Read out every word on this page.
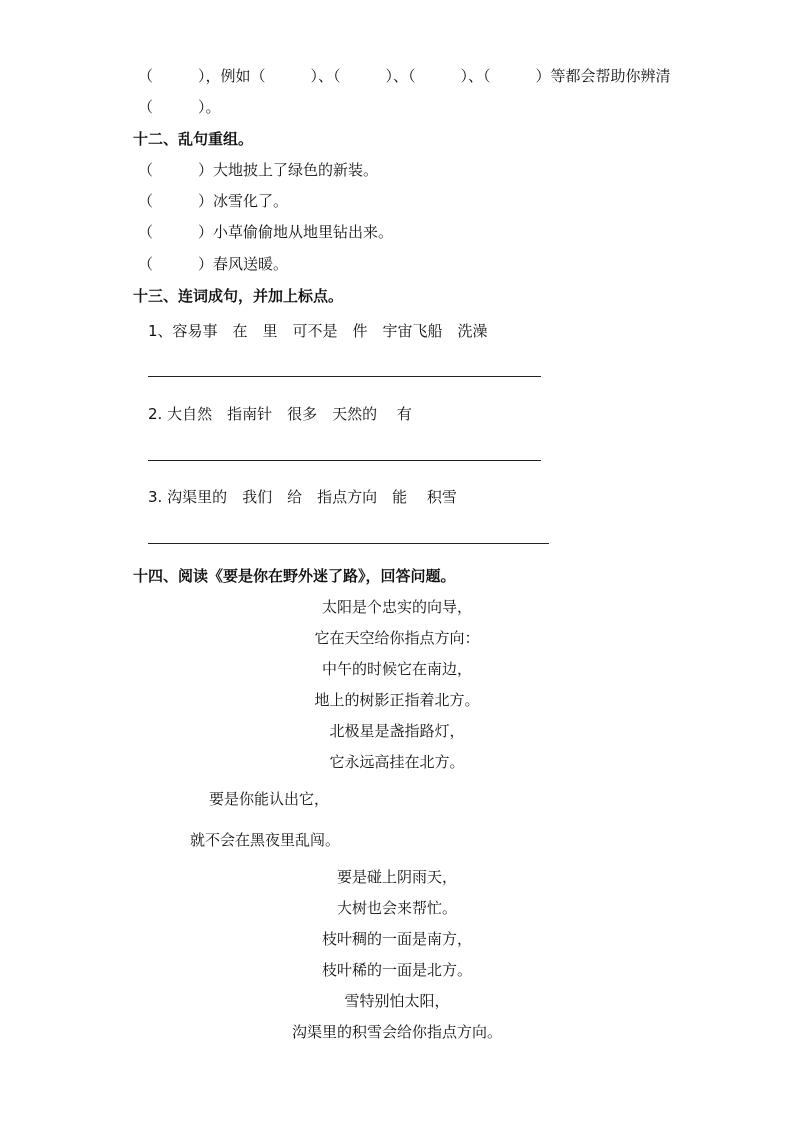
（　　　），例如（　　　）、（　　　）、（　　　）、（　　　）等都会帮助你辨清
（　　　）。
十二、乱句重组。
（　　　）大地披上了绿色的新装。
（　　　）冰雪化了。
（　　　）小草偷偷地从地里钻出来。
（　　　）春风送暖。
十三、连词成句，并加上标点。
1、容易事　在　里　可不是　件　宇宙飞船　洗澡
2. 大自然　指南针　很多　天然的　 有
3. 沟渠里的　我们　给　指点方向　能　 积雪
十四、阅读《要是你在野外迷了路》，回答问题。
太阳是个忠实的向导，
它在天空给你指点方向：
中午的时候它在南边，
地上的树影正指着北方。
北极星是盏指路灯，
它永远高挂在北方。
要是你能认出它，
就不会在黑夜里乱闯。
要是碰上阴雨天，
大树也会来帮忙。
枝叶稠的一面是南方，
枝叶稀的一面是北方。
雪特别怕太阳，
沟渠里的积雪会给你指点方向。
